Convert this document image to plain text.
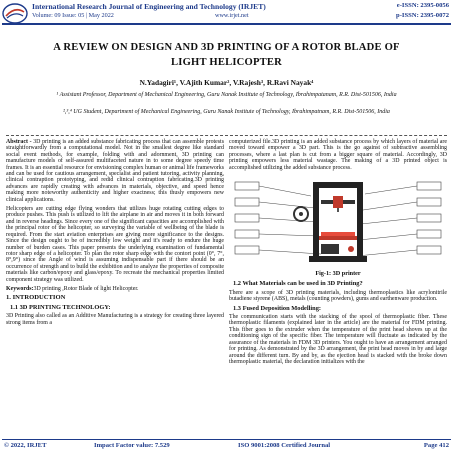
International Research Journal of Engineering and Technology (IRJET)
Volume: 09 Issue: 05 | May 2022	www.irjet.net
e-ISSN: 2395-0056
p-ISSN: 2395-0072
A REVIEW ON DESIGN AND 3D PRINTING OF A ROTOR BLADE OF
LIGHT HELICOPTER
N.Yadagiri¹, V.Ajith Kumar², V.Rajesh³, R.Ravi Nayak⁴
¹ Assistant Professor, Department of Mechanical Engineering, Guru Nanak Institute of Technology, Ibrahimpatanam, R.R. Dist-501506, India
²,³,⁴ UG Student, Department of Mechanical Engineering, Guru Nanak Institute of Technology, Ibrahimpatnam, R.R. Dist-501506, India

Abstract - 3D printing is an added substance fabricating process that can assemble protests straightforwardly from a computational model. Not in the smallest degree like standard social event methods, for example, folding with and adornment, 3D printing can manufacture models of self-assured multifaceted nature in to some degree speedy time frames. It is an essential resource for envisioning complex human or animal life frameworks and can be used for cautious arrangement, specialist and patient tutoring, activity planning, clinical contraption prototyping, and redid clinical contraption fabricating.3D printing advances are rapidly creating with advances in materials, objective, and speed hence making more noteworthy authenticity and higher exactness; this thusly empowers new clinical applications.

Helicopters are cutting edge flying wonders that utilizes huge rotating cutting edges to produce pushes. This push is utilized to lift the airplane in air and moves it in both forward and in reverse headings. Since every one of the significant capacities are accomplished with the principal rotor of the helicopter, so surveying the variable of wellbeing of the blade is required. From the start aviation enterprises are giving more significance to the designs. Since the design ought to be of incredibly low weight and it's ready to endure the huge number of burden cases. This paper presents the underlying examination of fundamental rotor sharp edge of a helicopter. To plan the rotor sharp edge with the contort point (0°, 7°, 8°,9°) since the Angle of wind is assuming indispensable part if there should be an occurrence of strength and to build the exhibition and to analyze the properties of composite materials like carbon/epoxy and glass/epoxy. To recreate the mechanical properties limited component strategy was utilized.

Keywords:3D printing ,Rotor Blade of light Helicopter.

1. INTRODUCTION
1.1 3D PRINTING TECHNOLOGY:

3D Printing also called as an Additive Manufacturing is a strategy for creating three layered strong items from a

computerized file.3D printing is an added substance process by which layers of material are moved toward empower a 3D part. This is the go against of subtractive assembling processes, where a last plan is cut from a bigger square of material. Accordingly, 3D printing empowers less material wastage. The making of a 3D printed object is accomplished utilizing the added substance process.

Fig-1: 3D printer
1.2 What Materials can be used in 3D Printing?

There are a scope of 3D printing materials, including thermoplastics like acrylonitrile butadiene styrene (ABS), metals (counting powders), gums and earthenware production.

1.3 Fused Deposition Modelling:

The communication starts with the stacking of the spool of thermoplastic fiber. These thermoplastic filaments (explained later in the article) are the material for FDM printing. This fiber goes to the extruder when the temperature of the print head shoves up at the conditioning sign of the specific fiber. The temperature will fluctuate as indicated by the assurance of the materials in FDM 3D printers. You ought to have an arrangement arranged for printing. As demonstrated by the 3D arrangement, the print head moves in by and large around the different turn. By and by, as the ejection head is stacked with the broke down thermoplastic material, the declaration initializes with the

© 2022, IRJET	Impact Factor value: 7.529	ISO 9001:2008 Certified Journal	Page 412
